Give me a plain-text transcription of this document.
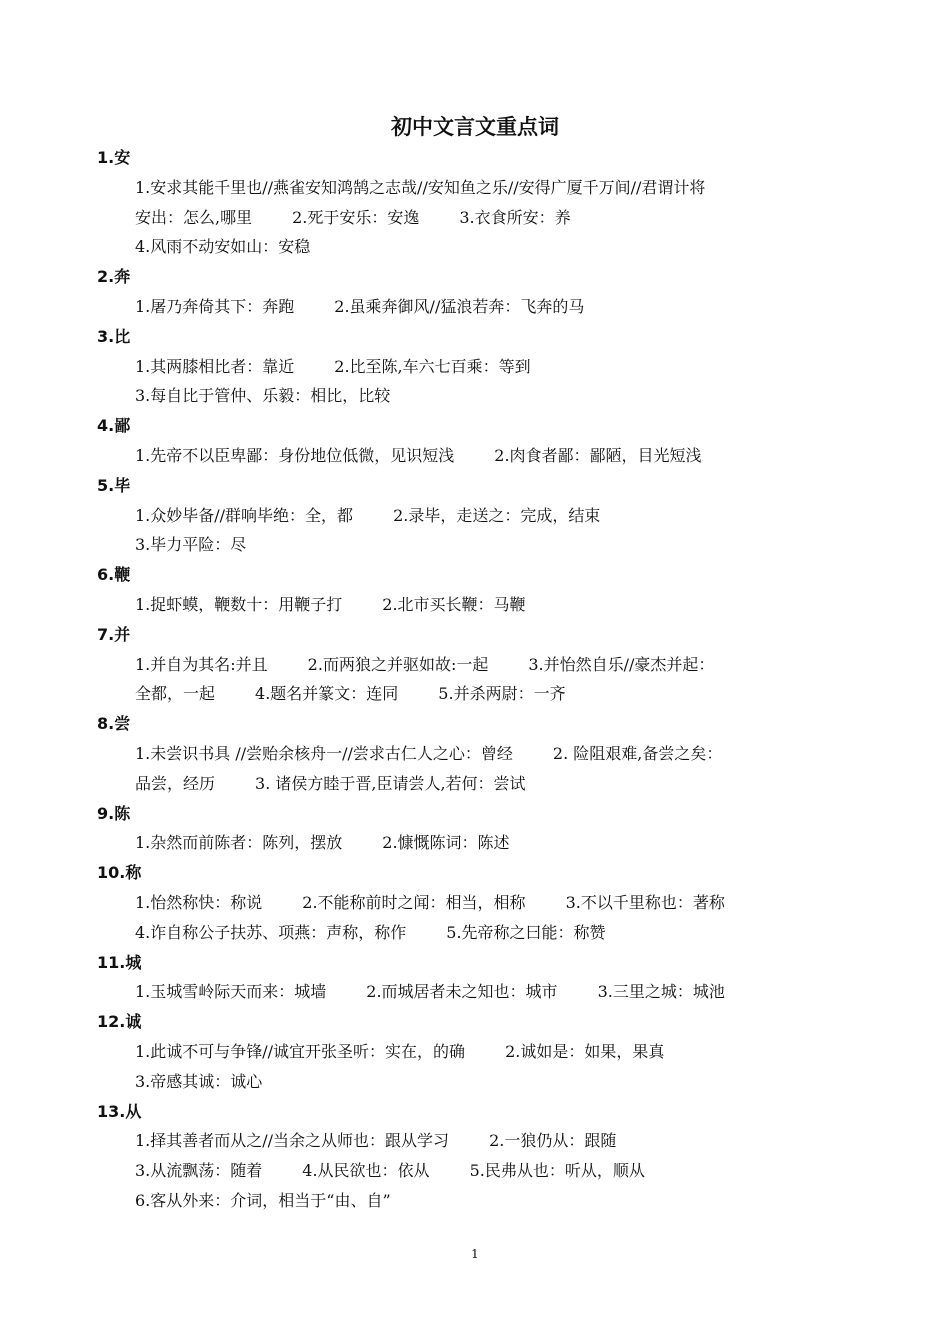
初中文言文重点词
1.安
1.安求其能千里也//燕雀安知鸿鹄之志哉//安知鱼之乐//安得广厦千万间//君谓计将
安出：怎么,哪里	2.死于安乐：安逸	3.衣食所安：养
4.风雨不动安如山：安稳
2.奔
1.屠乃奔倚其下：奔跑	2.虽乘奔御风//猛浪若奔：飞奔的马
3.比
1.其两膝相比者：靠近	2.比至陈,车六七百乘：等到
3.每自比于管仲、乐毅：相比，比较
4.鄙
1.先帝不以臣卑鄙：身份地位低微，见识短浅	2.肉食者鄙：鄙陋，目光短浅
5.毕
1.众妙毕备//群响毕绝：全，都	2.录毕，走送之：完成，结束
3.毕力平险：尽
6.鞭
1.捉虾蟆，鞭数十：用鞭子打	2.北市买长鞭：马鞭
7.并
1.并自为其名:并且	2.而两狼之并驱如故:一起	3.并怡然自乐//豪杰并起：
全都，一起	4.题名并篆文：连同	5.并杀两尉：一齐
8.尝
1.未尝识书具 //尝贻余核舟一//尝求古仁人之心：曾经	2. 险阻艰难,备尝之矣：
品尝，经历	3. 诸侯方睦于晋,臣请尝人,若何：尝试
9.陈
1.杂然而前陈者：陈列，摆放	2.慷慨陈词：陈述
10.称
1.怡然称快：称说	2.不能称前时之闻：相当，相称	3.不以千里称也：著称
4.诈自称公子扶苏、项燕：声称，称作	5.先帝称之曰能：称赞
11.城
1.玉城雪岭际天而来：城墙	2.而城居者未之知也：城市	3.三里之城：城池
12.诚
1.此诚不可与争锋//诚宜开张圣听：实在，的确	2.诚如是：如果，果真
3.帝感其诚：诚心
13.从
1.择其善者而从之//当余之从师也：跟从学习	2.一狼仍从：跟随
3.从流飘荡：随着	4.从民欲也：依从	5.民弗从也：听从，顺从
6.客从外来：介词，相当于“由、自”
1
